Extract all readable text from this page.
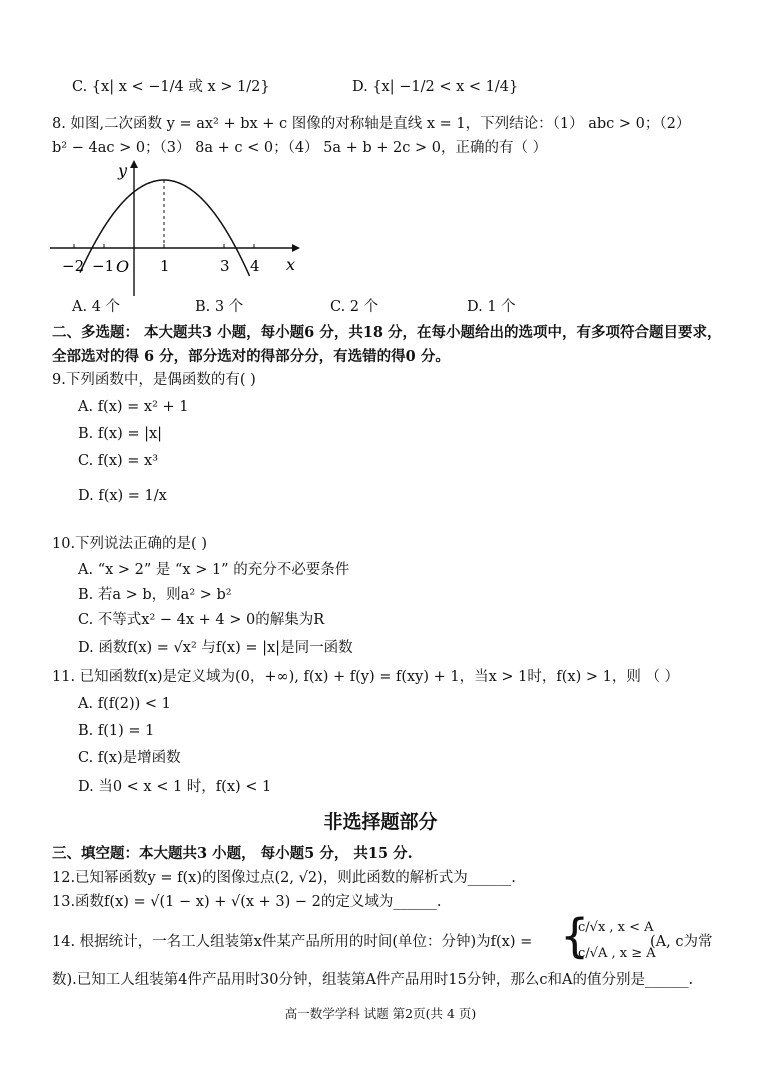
C. {x| x < −1/4 或 x > 1/2}	D. {x| −1/2 < x < 1/4}
8. 如图,二次函数 y = ax² + bx + c 图像的对称轴是直线 x = 1，下列结论：（1） abc > 0；（2）
b² − 4ac > 0；（3） 8a + c < 0；（4） 5a + b + 2c > 0，正确的有（ ）
y
x
O
−2 −1	1	3 4
A. 4 个	B. 3 个	C. 2 个	D. 1 个
二、多选题： 本大题共3 小题，每小题6 分，共18 分，在每小题给出的选项中，有多项符合题目要求，
全部选对的得 6 分，部分选对的得部分分，有选错的得0 分。
9.下列函数中，是偶函数的有( )
A. f(x) = x² + 1
B. f(x) = |x|
C. f(x) = x³
D. f(x) = 1/x
10.下列说法正确的是( )
A. “x > 2” 是 “x > 1” 的充分不必要条件
B. 若a > b，则a² > b²
C. 不等式x² − 4x + 4 > 0的解集为R
D. 函数f(x) = √x² 与f(x) = |x|是同一函数
11. 已知函数f(x)是定义域为(0，+∞), f(x) + f(y) = f(xy) + 1，当x > 1时，f(x) > 1，则 （ ）
A. f(f(2)) < 1
B. f(1) = 1
C. f(x)是增函数
D. 当0 < x < 1 时，f(x) < 1
非选择题部分
三、填空题：本大题共3 小题， 每小题5 分， 共15 分.
12.已知幂函数y = f(x)的图像过点(2, √2)，则此函数的解析式为______.
13.函数f(x) = √(1 − x) + √(x + 3) − 2的定义域为______.
14. 根据统计，一名工人组装第x件某产品所用的时间(单位：分钟)为f(x) = {
c/√x , x < A
c/√A , x ≥ A
(A, c为常
数).已知工人组装第4件产品用时30分钟，组装第A件产品用时15分钟，那么c和A的值分别是______.
高一数学学科 试题 第2页(共 4 页)
